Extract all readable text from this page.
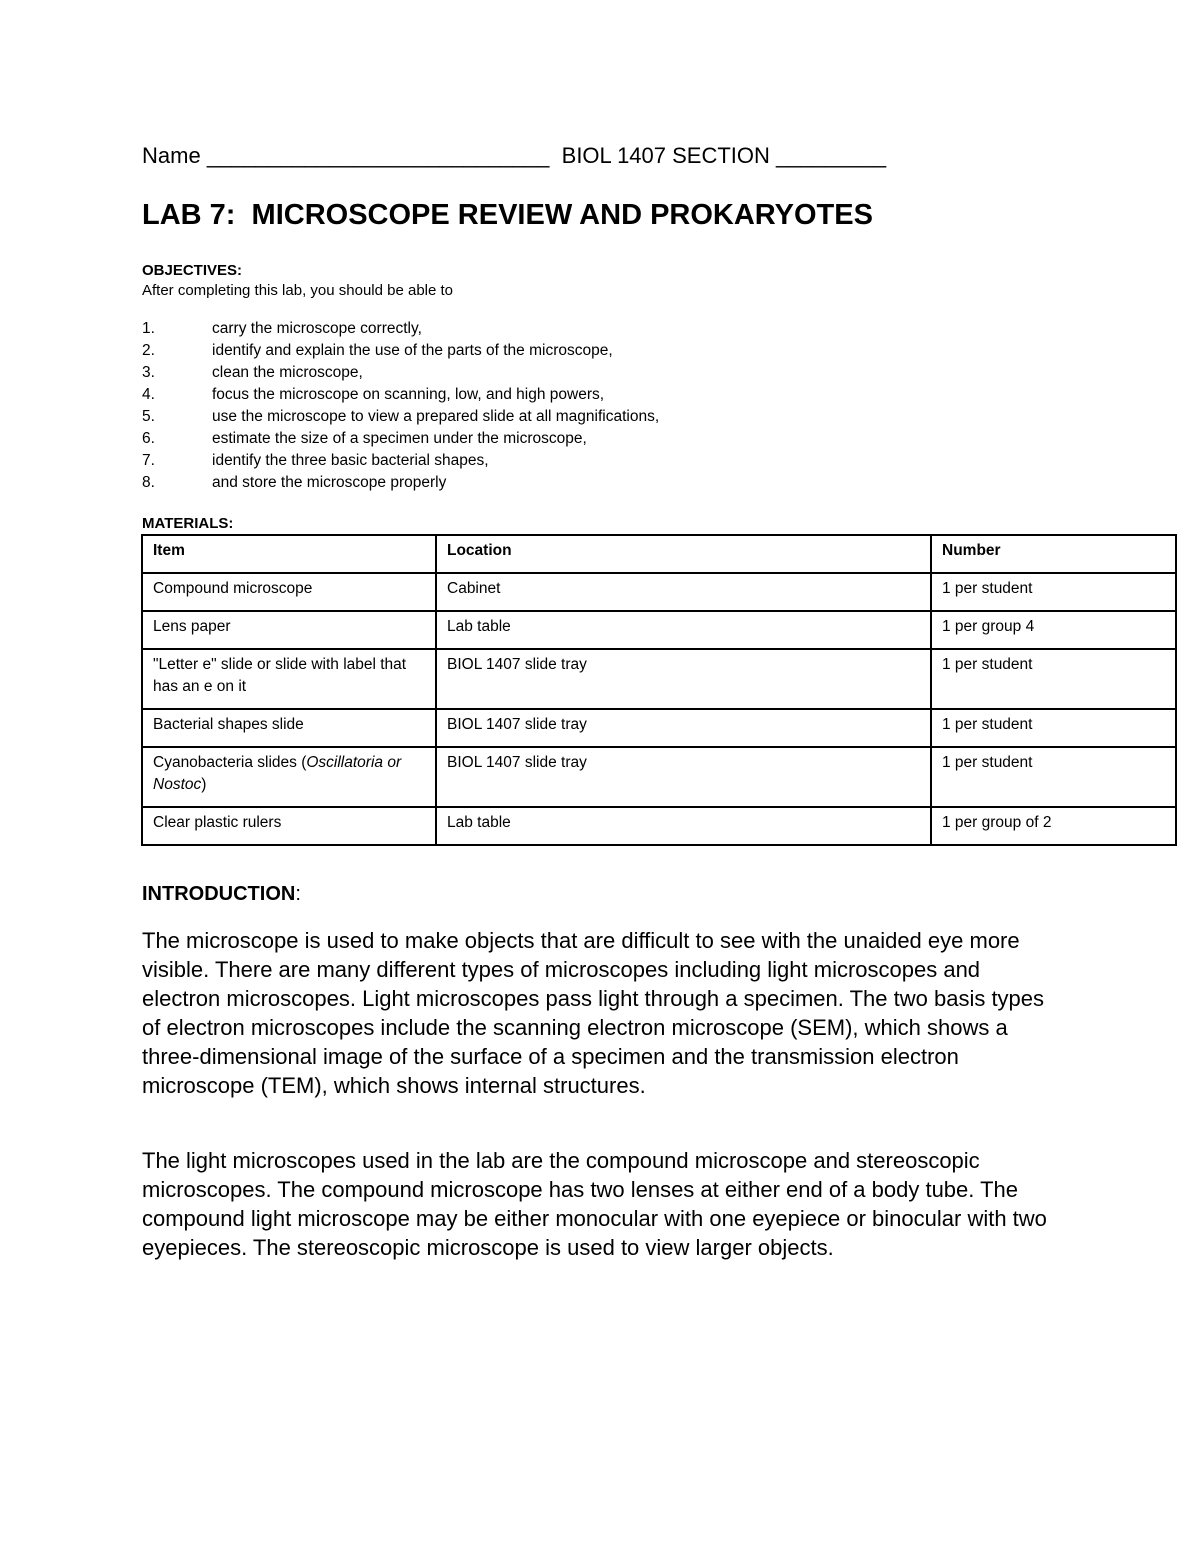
Name ____________________________ BIOL 1407 SECTION _________
LAB 7:  MICROSCOPE REVIEW AND PROKARYOTES
OBJECTIVES:
After completing this lab, you should be able to
1.	carry the microscope correctly,
2.	identify and explain the use of the parts of the microscope,
3.	clean the microscope,
4.	focus the microscope on scanning, low, and high powers,
5.	use the microscope to view a prepared slide at all magnifications,
6.	estimate the size of a specimen under the microscope,
7.	identify the three basic bacterial shapes,
8.	and store the microscope properly
MATERIALS:
Item	Location	Number
Compound microscope	Cabinet	1 per student
Lens paper	Lab table	1 per group 4
"Letter e" slide or slide with label that has an e on it	BIOL 1407 slide tray	1 per student
Bacterial shapes slide	BIOL 1407 slide tray	1 per student
Cyanobacteria slides (Oscillatoria or Nostoc)	BIOL 1407 slide tray	1 per student
Clear plastic rulers	Lab table	1 per group of 2
INTRODUCTION:

The microscope is used to make objects that are difficult to see with the unaided eye more visible. There are many different types of microscopes including light microscopes and electron microscopes. Light microscopes pass light through a specimen. The two basis types of electron microscopes include the scanning electron microscope (SEM), which shows a three-dimensional image of the surface of a specimen and the transmission electron microscope (TEM), which shows internal structures.

The light microscopes used in the lab are the compound microscope and stereoscopic microscopes. The compound microscope has two lenses at either end of a body tube. The compound light microscope may be either monocular with one eyepiece or binocular with two eyepieces. The stereoscopic microscope is used to view larger objects.
